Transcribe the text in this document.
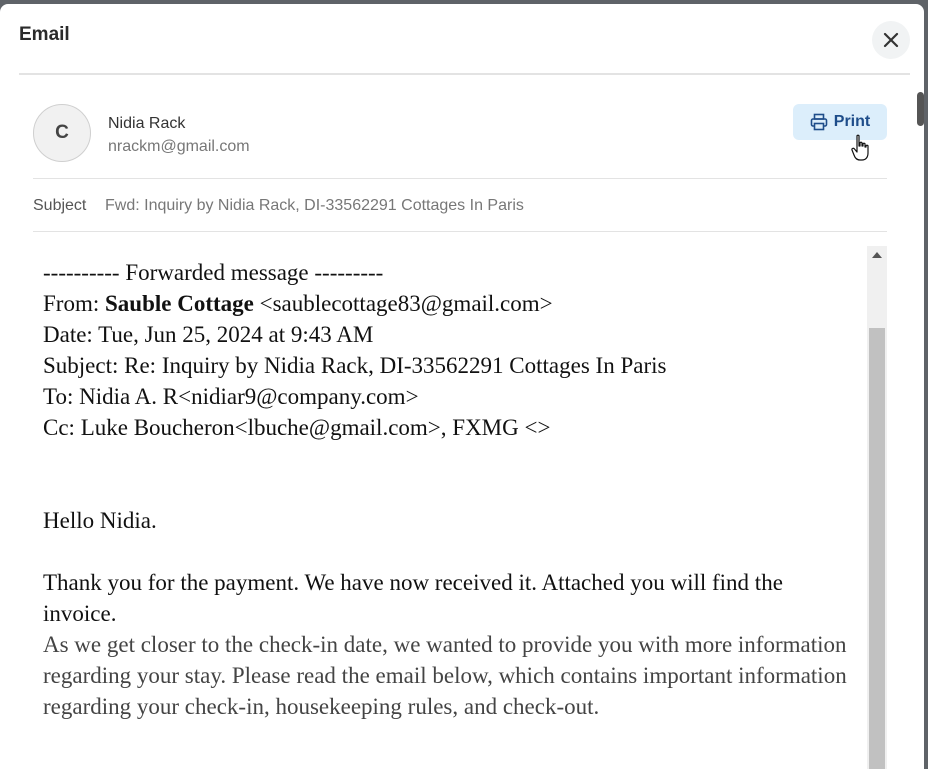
Email
C	Nidia Rack
nrackm@gmail.com
Print
Subject Fwd: Inquiry by Nidia Rack, DI-33562291 Cottages In Paris
---------- Forwarded message ---------
From: Sauble Cottage <saublecottage83@gmail.com>
Date: Tue, Jun 25, 2024 at 9:43 AM
Subject: Re: Inquiry by Nidia Rack, DI-33562291 Cottages In Paris
To: Nidia A. R<nidiar9@company.com>
Cc: Luke Boucheron<lbuche@gmail.com>, FXMG <>
Hello Nidia.
Thank you for the payment. We have now received it. Attached you will find the invoice.
As we get closer to the check-in date, we wanted to provide you with more information regarding your stay. Please read the email below, which contains important information regarding your check-in, housekeeping rules, and check-out.
